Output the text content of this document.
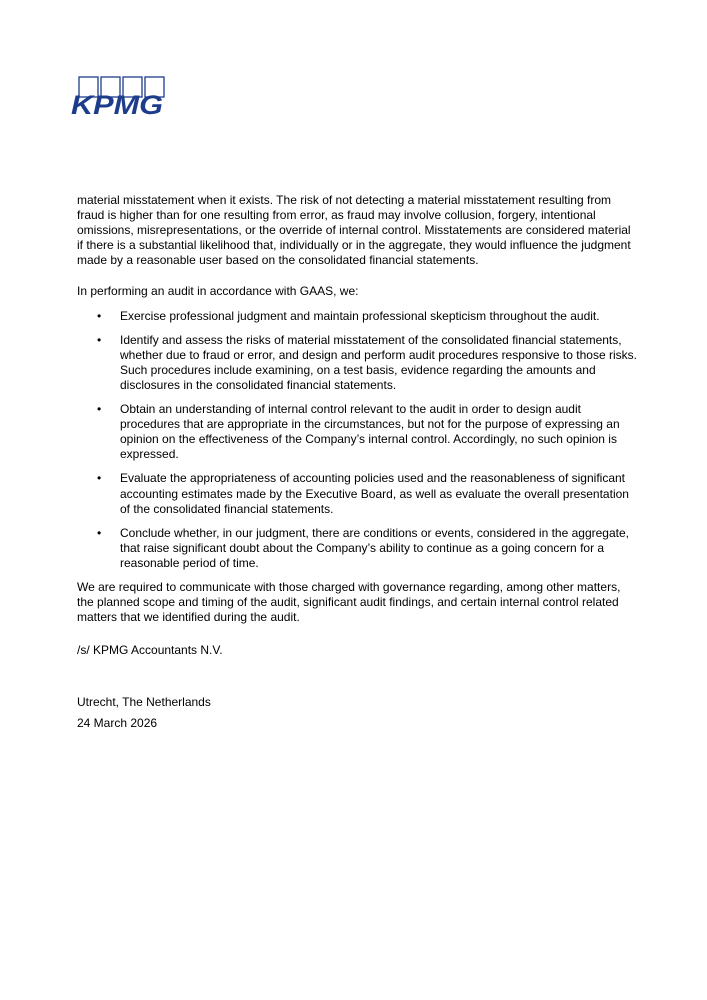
KPMG

material misstatement when it exists. The risk of not detecting a material misstatement resulting from fraud is higher than for one resulting from error, as fraud may involve collusion, forgery, intentional omissions, misrepresentations, or the override of internal control. Misstatements are considered material if there is a substantial likelihood that, individually or in the aggregate, they would influence the judgment made by a reasonable user based on the consolidated financial statements.

In performing an audit in accordance with GAAS, we:

• Exercise professional judgment and maintain professional skepticism throughout the audit.
• Identify and assess the risks of material misstatement of the consolidated financial statements, whether due to fraud or error, and design and perform audit procedures responsive to those risks. Such procedures include examining, on a test basis, evidence regarding the amounts and disclosures in the consolidated financial statements.
• Obtain an understanding of internal control relevant to the audit in order to design audit procedures that are appropriate in the circumstances, but not for the purpose of expressing an opinion on the effectiveness of the Company’s internal control. Accordingly, no such opinion is expressed.
• Evaluate the appropriateness of accounting policies used and the reasonableness of significant accounting estimates made by the Executive Board, as well as evaluate the overall presentation of the consolidated financial statements.
• Conclude whether, in our judgment, there are conditions or events, considered in the aggregate, that raise significant doubt about the Company’s ability to continue as a going concern for a reasonable period of time.

We are required to communicate with those charged with governance regarding, among other matters, the planned scope and timing of the audit, significant audit findings, and certain internal control related matters that we identified during the audit.

/s/ KPMG Accountants N.V.
Utrecht, The Netherlands
24 March 2026
